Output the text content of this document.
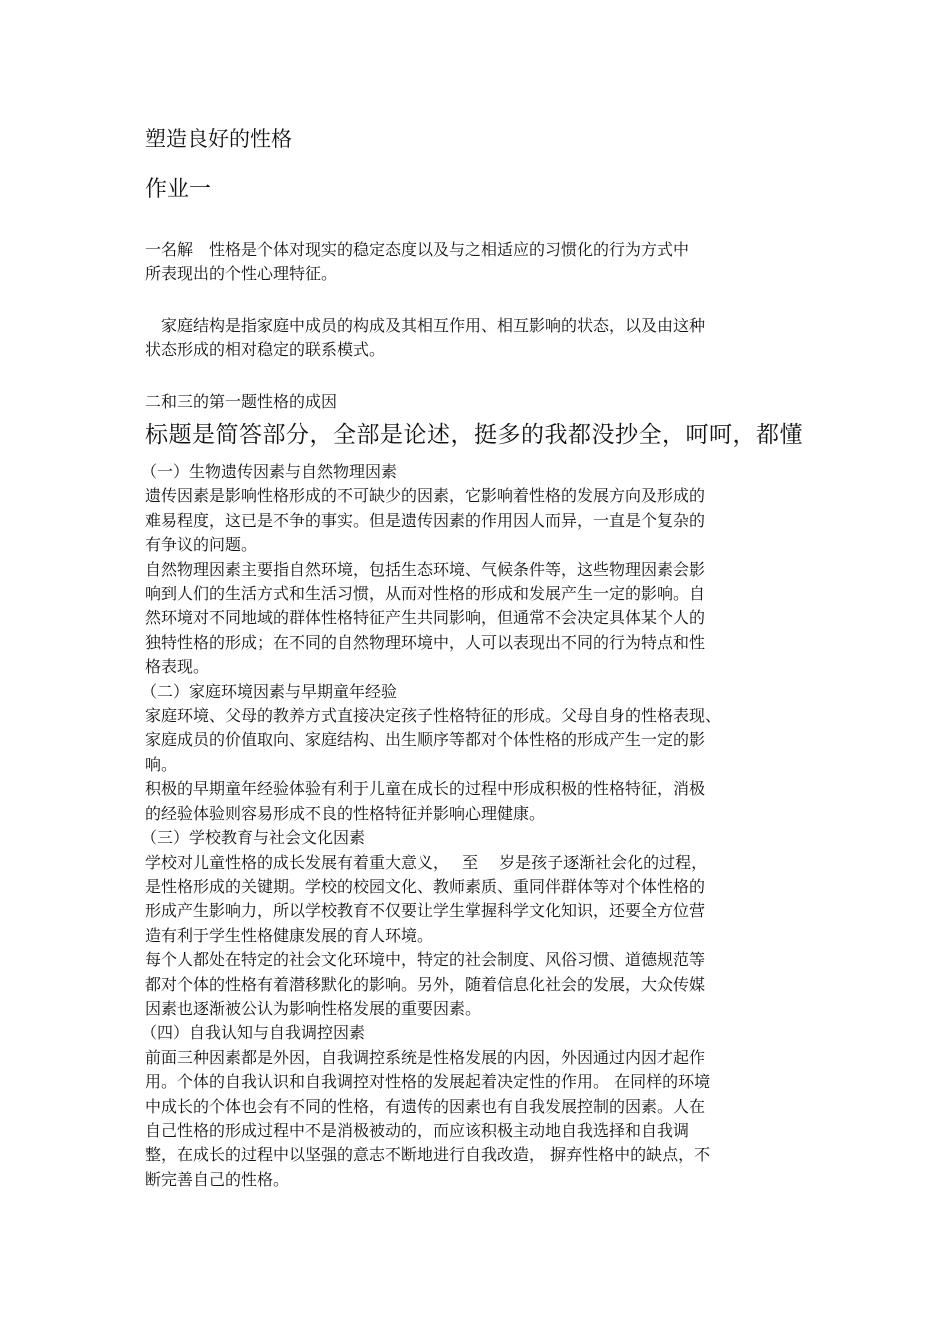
塑造良好的性格
作业一
一名解　性格是个体对现实的稳定态度以及与之相适应的习惯化的行为方式中
所表现出的个性心理特征。
　家庭结构是指家庭中成员的构成及其相互作用、相互影响的状态，以及由这种
状态形成的相对稳定的联系模式。
二和三的第一题性格的成因
标题是简答部分，全部是论述，挺多的我都没抄全，呵呵，都懂
（一）生物遗传因素与自然物理因素
遗传因素是影响性格形成的不可缺少的因素，它影响着性格的发展方向及形成的
难易程度，这已是不争的事实。但是遗传因素的作用因人而异，一直是个复杂的
有争议的问题。
自然物理因素主要指自然环境，包括生态环境、气候条件等，这些物理因素会影
响到人们的生活方式和生活习惯，从而对性格的形成和发展产生一定的影响。自
然环境对不同地域的群体性格特征产生共同影响，但通常不会决定具体某个人的
独特性格的形成；在不同的自然物理环境中，人可以表现出不同的行为特点和性
格表现。
（二）家庭环境因素与早期童年经验
家庭环境、父母的教养方式直接决定孩子性格特征的形成。父母自身的性格表现、
家庭成员的价值取向、家庭结构、出生顺序等都对个体性格的形成产生一定的影
响。
积极的早期童年经验体验有利于儿童在成长的过程中形成积极的性格特征，消极
的经验体验则容易形成不良的性格特征并影响心理健康。
（三）学校教育与社会文化因素
学校对儿童性格的成长发展有着重大意义，　 至 　岁是孩子逐渐社会化的过程，
是性格形成的关键期。学校的校园文化、教师素质、重同伴群体等对个体性格的
形成产生影响力，所以学校教育不仅要让学生掌握科学文化知识，还要全方位营
造有利于学生性格健康发展的育人环境。
每个人都处在特定的社会文化环境中，特定的社会制度、风俗习惯、道德规范等
都对个体的性格有着潜移默化的影响。另外，随着信息化社会的发展，大众传媒
因素也逐渐被公认为影响性格发展的重要因素。
（四）自我认知与自我调控因素
前面三种因素都是外因，自我调控系统是性格发展的内因，外因通过内因才起作
用。个体的自我认识和自我调控对性格的发展起着决定性的作用。 在同样的环境
中成长的个体也会有不同的性格，有遗传的因素也有自我发展控制的因素。人在
自己性格的形成过程中不是消极被动的，而应该积极主动地自我选择和自我调
整，在成长的过程中以坚强的意志不断地进行自我改造， 摒弃性格中的缺点，不
断完善自己的性格。
